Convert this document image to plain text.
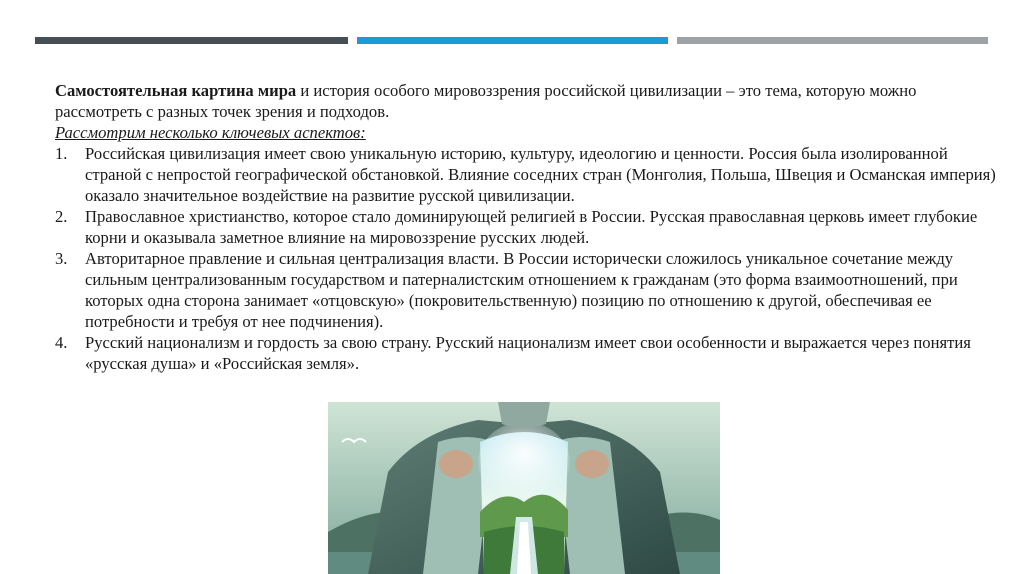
Самостоятельная картина мира и история особого мировоззрения российской цивилизации – это тема, которую можно рассмотреть с разных точек зрения и подходов.
Рассмотрим несколько ключевых аспектов:
1. Российская цивилизация имеет свою уникальную историю, культуру, идеологию и ценности. Россия была изолированной страной с непростой географической обстановкой. Влияние соседних стран (Монголия, Польша, Швеция и Османская империя) оказало значительное воздействие на развитие русской цивилизации.
2. Православное христианство, которое стало доминирующей религией в России. Русская православная церковь имеет глубокие корни и оказывала заметное влияние на мировоззрение русских людей.
3. Авторитарное правление и сильная централизация власти. В России исторически сложилось уникальное сочетание между сильным централизованным государством и патерналистским отношением к гражданам (это форма взаимоотношений, при которых одна сторона занимает «отцовскую» (покровительственную) позицию по отношению к другой, обеспечивая ее потребности и требуя от нее подчинения).
4. Русский национализм и гордость за свою страну. Русский национализм имеет свои особенности и выражается через понятия «русская душа» и «Российская земля».
